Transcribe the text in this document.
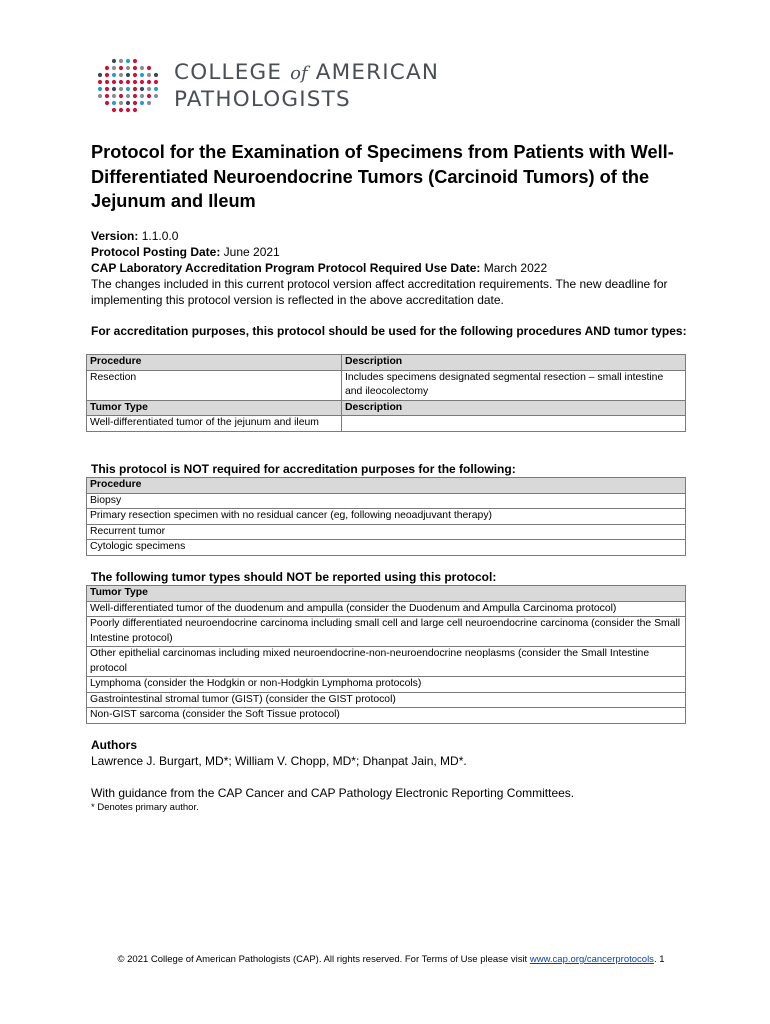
COLLEGE of AMERICAN
PATHOLOGISTS
Protocol for the Examination of Specimens from Patients with Well-Differentiated Neuroendocrine Tumors (Carcinoid Tumors) of the Jejunum and Ileum

Version: 1.1.0.0

Protocol Posting Date: June 2021

CAP Laboratory Accreditation Program Protocol Required Use Date: March 2022

The changes included in this current protocol version affect accreditation requirements. The new deadline for implementing this protocol version is reflected in the above accreditation date.

For accreditation purposes, this protocol should be used for the following procedures AND tumor types:

Procedure	Description
Resection	Includes specimens designated segmental resection – small intestine and ileocolectomy
Tumor Type	Description
Well-differentiated tumor of the jejunum and ileum	

This protocol is NOT required for accreditation purposes for the following:

Procedure
Biopsy
Primary resection specimen with no residual cancer (eg, following neoadjuvant therapy)
Recurrent tumor
Cytologic specimens

The following tumor types should NOT be reported using this protocol:

Tumor Type
Well-differentiated tumor of the duodenum and ampulla (consider the Duodenum and Ampulla Carcinoma protocol)
Poorly differentiated neuroendocrine carcinoma including small cell and large cell neuroendocrine carcinoma (consider the Small Intestine protocol)
Other epithelial carcinomas including mixed neuroendocrine-non-neuroendocrine neoplasms (consider the Small Intestine protocol
Lymphoma (consider the Hodgkin or non-Hodgkin Lymphoma protocols)
Gastrointestinal stromal tumor (GIST) (consider the GIST protocol)
Non-GIST sarcoma (consider the Soft Tissue protocol)
Authors
Lawrence J. Burgart, MD*; William V. Chopp, MD*; Dhanpat Jain, MD*.
With guidance from the CAP Cancer and CAP Pathology Electronic Reporting Committees.
* Denotes primary author.
© 2021 College of American Pathologists (CAP). All rights reserved. For Terms of Use please visit www.cap.org/cancerprotocols. 1
